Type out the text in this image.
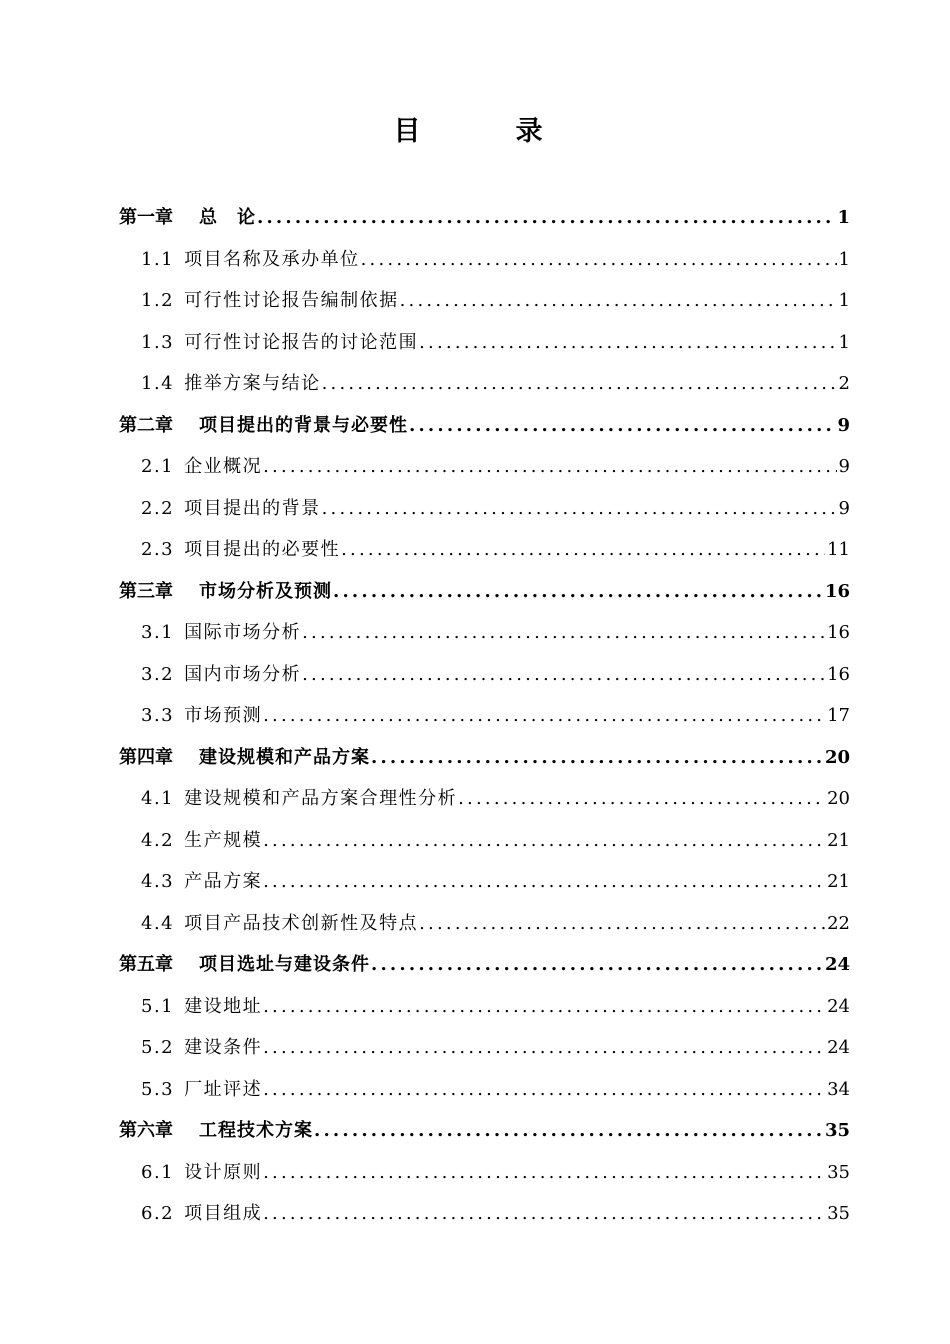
目　录
第一章 总　论 .....	1
1.1 项目名称及承办单位 .....	1
1.2 可行性讨论报告编制依据 .....	1
1.3 可行性讨论报告的讨论范围 .....	1
1.4 推举方案与结论 .....	2
第二章 项目提出的背景与必要性 .....	9
2.1 企业概况 .....	9
2.2 项目提出的背景 .....	9
2.3 项目提出的必要性 .....	11
第三章 市场分析及预测 .....	16
3.1 国际市场分析 .....	16
3.2 国内市场分析 .....	16
3.3 市场预测 .....	17
第四章 建设规模和产品方案 .....	20
4.1 建设规模和产品方案合理性分析 .....	20
4.2 生产规模 .....	21
4.3 产品方案 .....	21
4.4 项目产品技术创新性及特点 .....	22
第五章 项目选址与建设条件 .....	24
5.1 建设地址 .....	24
5.2 建设条件 .....	24
5.3 厂址评述 .....	34
第六章 工程技术方案 .....	35
6.1 设计原则 .....	35
6.2 项目组成 .....	35
